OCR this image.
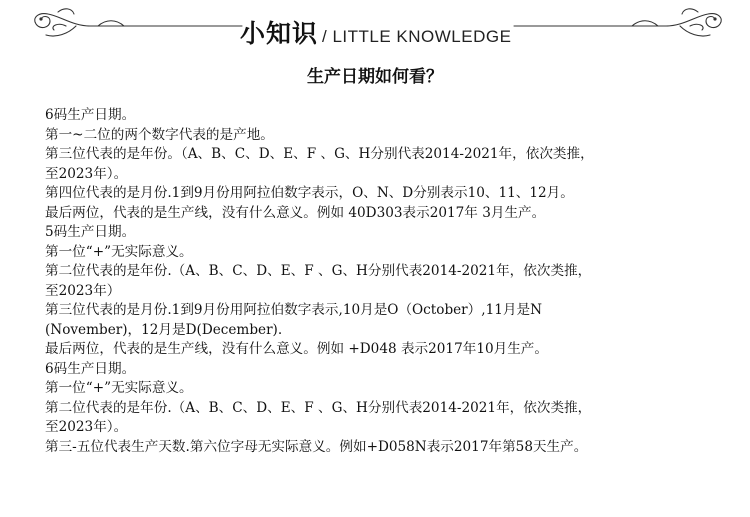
小知识 / LITTLE KNOWLEDGE
生产日期如何看？
6码生产日期。
第一~二位的两个数字代表的是产地。
第三位代表的是年份。（A、B、C、D、E、F 、G、H分别代表2014-2021年，依次类推，
至2023年）。
第四位代表的是月份.1到9月份用阿拉伯数字表示，O、N、D分别表示10、11、12月。
最后两位，代表的是生产线，没有什么意义。例如 40D303表示2017年 3月生产。
5码生产日期。
第一位“+”无实际意义。
第二位代表的是年份.（A、B、C、D、E、F 、G、H分别代表2014-2021年，依次类推，
至2023年）
第三位代表的是月份.1到9月份用阿拉伯数字表示,10月是O（October）,11月是N
(November)，12月是D(December).
最后两位，代表的是生产线，没有什么意义。例如 +D048 表示2017年10月生产。
6码生产日期。
第一位“+”无实际意义。
第二位代表的是年份.（A、B、C、D、E、F 、G、H分别代表2014-2021年，依次类推，
至2023年）。
第三-五位代表生产天数.第六位字母无实际意义。例如+D058N表示2017年第58天生产。
